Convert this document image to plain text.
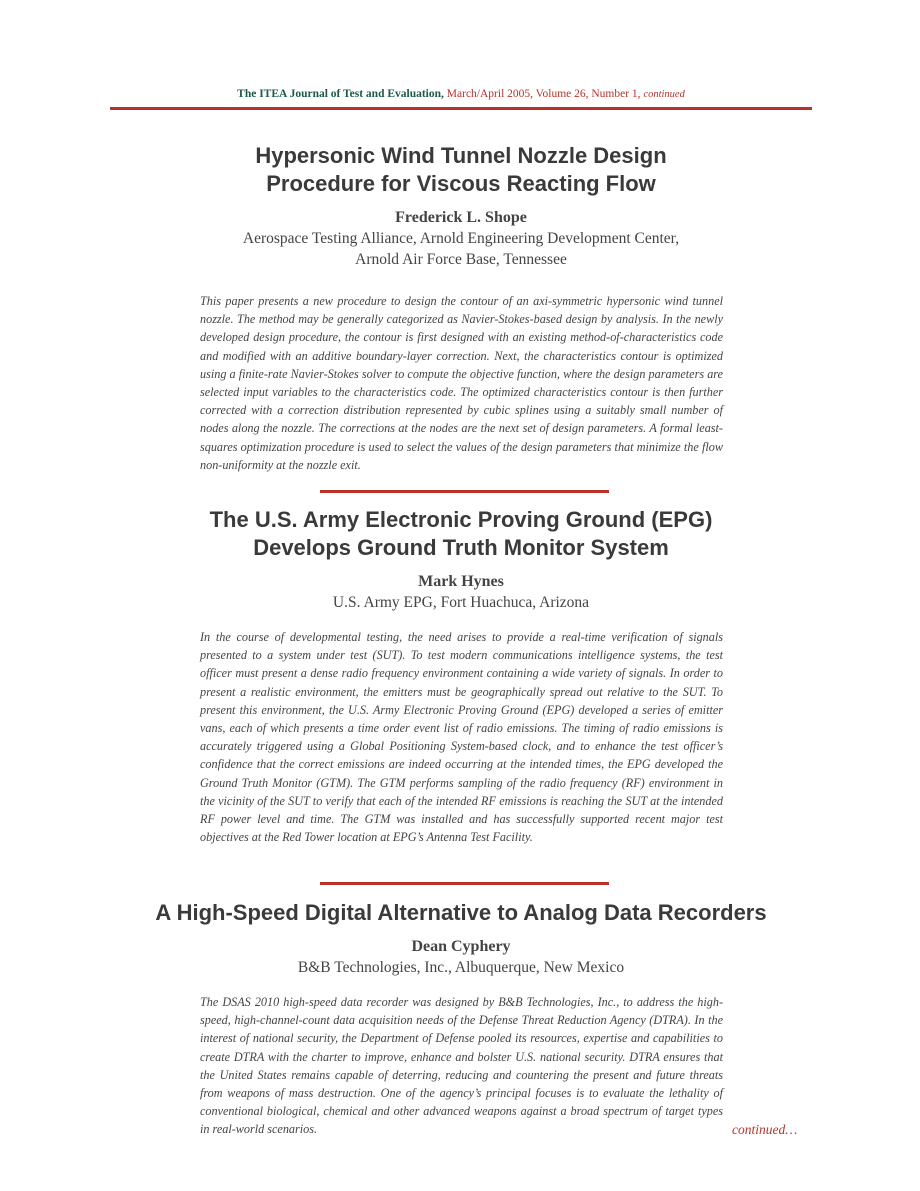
The ITEA Journal of Test and Evaluation, March/April 2005, Volume 26, Number 1, continued
Hypersonic Wind Tunnel Nozzle Design
Procedure for Viscous Reacting Flow
Frederick L. Shope
Aerospace Testing Alliance, Arnold Engineering Development Center,
Arnold Air Force Base, Tennessee

This paper presents a new procedure to design the contour of an axi-symmetric hypersonic wind tunnel nozzle. The method may be generally categorized as Navier-Stokes-based design by analysis. In the newly developed design procedure, the contour is first designed with an existing method-of-characteristics code and modified with an additive boundary-layer correction. Next, the characteristics contour is optimized using a finite-rate Navier-Stokes solver to compute the objective function, where the design parameters are selected input variables to the characteristics code. The optimized characteristics contour is then further corrected with a correction distribution represented by cubic splines using a suitably small number of nodes along the nozzle. The corrections at the nodes are the next set of design parameters. A formal least-squares optimization procedure is used to select the values of the design parameters that minimize the flow non-uniformity at the nozzle exit.

The U.S. Army Electronic Proving Ground (EPG)
Develops Ground Truth Monitor System
Mark Hynes
U.S. Army EPG, Fort Huachuca, Arizona

In the course of developmental testing, the need arises to provide a real-time verification of signals presented to a system under test (SUT). To test modern communications intelligence systems, the test officer must present a dense radio frequency environment containing a wide variety of signals. In order to present a realistic environment, the emitters must be geographically spread out relative to the SUT. To present this environment, the U.S. Army Electronic Proving Ground (EPG) developed a series of emitter vans, each of which presents a time order event list of radio emissions. The timing of radio emissions is accurately triggered using a Global Positioning System-based clock, and to enhance the test officer’s confidence that the correct emissions are indeed occurring at the intended times, the EPG developed the Ground Truth Monitor (GTM). The GTM performs sampling of the radio frequency (RF) environment in the vicinity of the SUT to verify that each of the intended RF emissions is reaching the SUT at the intended RF power level and time. The GTM was installed and has successfully supported recent major test objectives at the Red Tower location at EPG’s Antenna Test Facility.

A High-Speed Digital Alternative to Analog Data Recorders
Dean Cyphery
B&B Technologies, Inc., Albuquerque, New Mexico

The DSAS 2010 high-speed data recorder was designed by B&B Technologies, Inc., to address the high-speed, high-channel-count data acquisition needs of the Defense Threat Reduction Agency (DTRA). In the interest of national security, the Department of Defense pooled its resources, expertise and capabilities to create DTRA with the charter to improve, enhance and bolster U.S. national security. DTRA ensures that the United States remains capable of deterring, reducing and countering the present and future threats from weapons of mass destruction. One of the agency’s principal focuses is to evaluate the lethality of conventional biological, chemical and other advanced weapons against a broad spectrum of target types in real-world scenarios.	continued…
